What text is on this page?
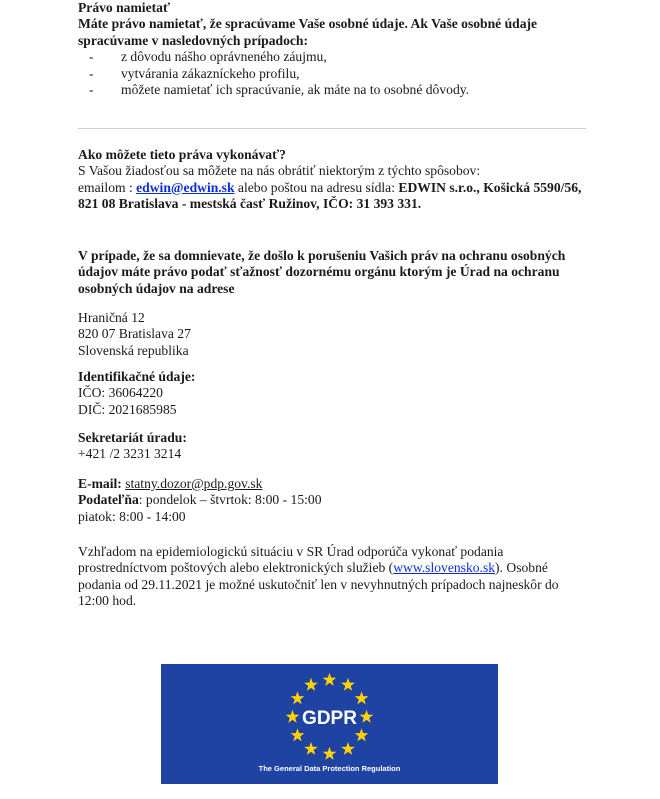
Právo namietať

Máte právo namietať, že spracúvame Vaše osobné údaje. Ak Vaše osobné údaje spracúvame v nasledovných prípadoch:

- z dôvodu nášho oprávneného záujmu,
- vytvárania zákazníckeho profilu,
- môžete namietať ich spracúvanie, ak máte na to osobné dôvody.

Ako môžete tieto práva vykonávať?

S Vašou žiadosťou sa môžete na nás obrátiť niektorým z týchto spôsobov:

emailom : edwin@edwin.sk alebo poštou na adresu sídla: EDWIN s.r.o., Košická 5590/56, 821 08 Bratislava - mestská časť Ružinov, IČO: 31 393 331.

V prípade, že sa domnievate, že došlo k porušeniu Vašich práv na ochranu osobných údajov máte právo podať sťažnosť dozornému orgánu ktorým je Úrad na ochranu osobných údajov na adrese

Hraničná 12

820 07 Bratislava 27

Slovenská republika

Identifikačné údaje:

IČO: 36064220

DIČ: 2021685985

Sekretariát úradu:

+421 /2 3231 3214

E-mail: statny.dozor@pdp.gov.sk

Podateľňa: pondelok – štvrtok: 8:00 - 15:00

piatok: 8:00 - 14:00

Vzhľadom na epidemiologickú situáciu v SR Úrad odporúča vykonať podania prostredníctvom poštových alebo elektronických služieb (www.slovensko.sk). Osobné podania od 29.11.2021 je možné uskutočniť len v nevyhnutných prípadoch najneskôr do 12:00 hod.

GDPR
The General Data Protection Regulation
